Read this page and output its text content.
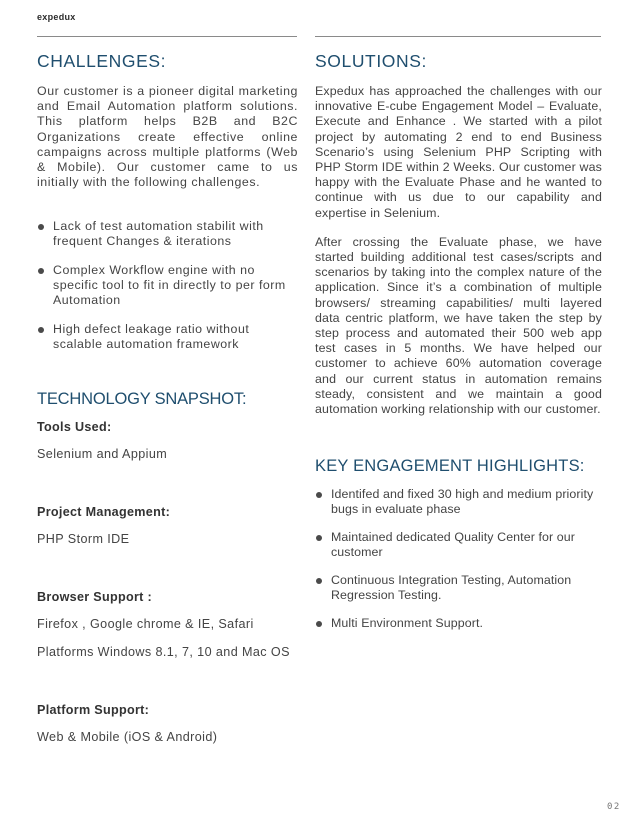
expedux
CHALLENGES:

Our customer is a pioneer digital marketing and Email Automation platform solutions. This platform helps B2B and B2C Organizations create effective online campaigns across multiple platforms (Web & Mobile). Our customer came to us initially with the following challenges.

Lack of test automation stabilit with frequent Changes & iterations
Complex Workflow engine with no specific tool to fit in directly to per form Automation
High defect leakage ratio without scalable automation framework
TECHNOLOGY SNAPSHOT:

Tools Used:

Selenium and Appium

Project Management:

PHP Storm IDE

Browser Support :

Firefox , Google chrome & IE, Safari

Platforms Windows 8.1, 7, 10 and Mac OS

Platform Support:

Web & Mobile (iOS & Android)

SOLUTIONS:

Expedux has approached the challenges with our innovative E-cube Engagement Model – Evaluate, Execute and Enhance . We started with a pilot project by automating 2 end to end Business Scenario’s using Selenium PHP Scripting with PHP Storm IDE within 2 Weeks. Our customer was happy with the Evaluate Phase and he wanted to continue with us due to our capability and expertise in Selenium.

After crossing the Evaluate phase, we have started building additional test cases/scripts and scenarios by taking into the complex nature of the application. Since it’s a combination of multiple browsers/ streaming capabilities/ multi layered data centric platform, we have taken the step by step process and automated their 500 web app test cases in 5 months. We have helped our customer to achieve 60% automation coverage and our current status in automation remains steady, consistent and we maintain a good automation working relationship with our customer.

KEY ENGAGEMENT HIGHLIGHTS:
Identifed and fixed 30 high and medium priority bugs in evaluate phase
Maintained dedicated Quality Center for our customer
Continuous Integration Testing, Automation Regression Testing.
Multi Environment Support.
02
